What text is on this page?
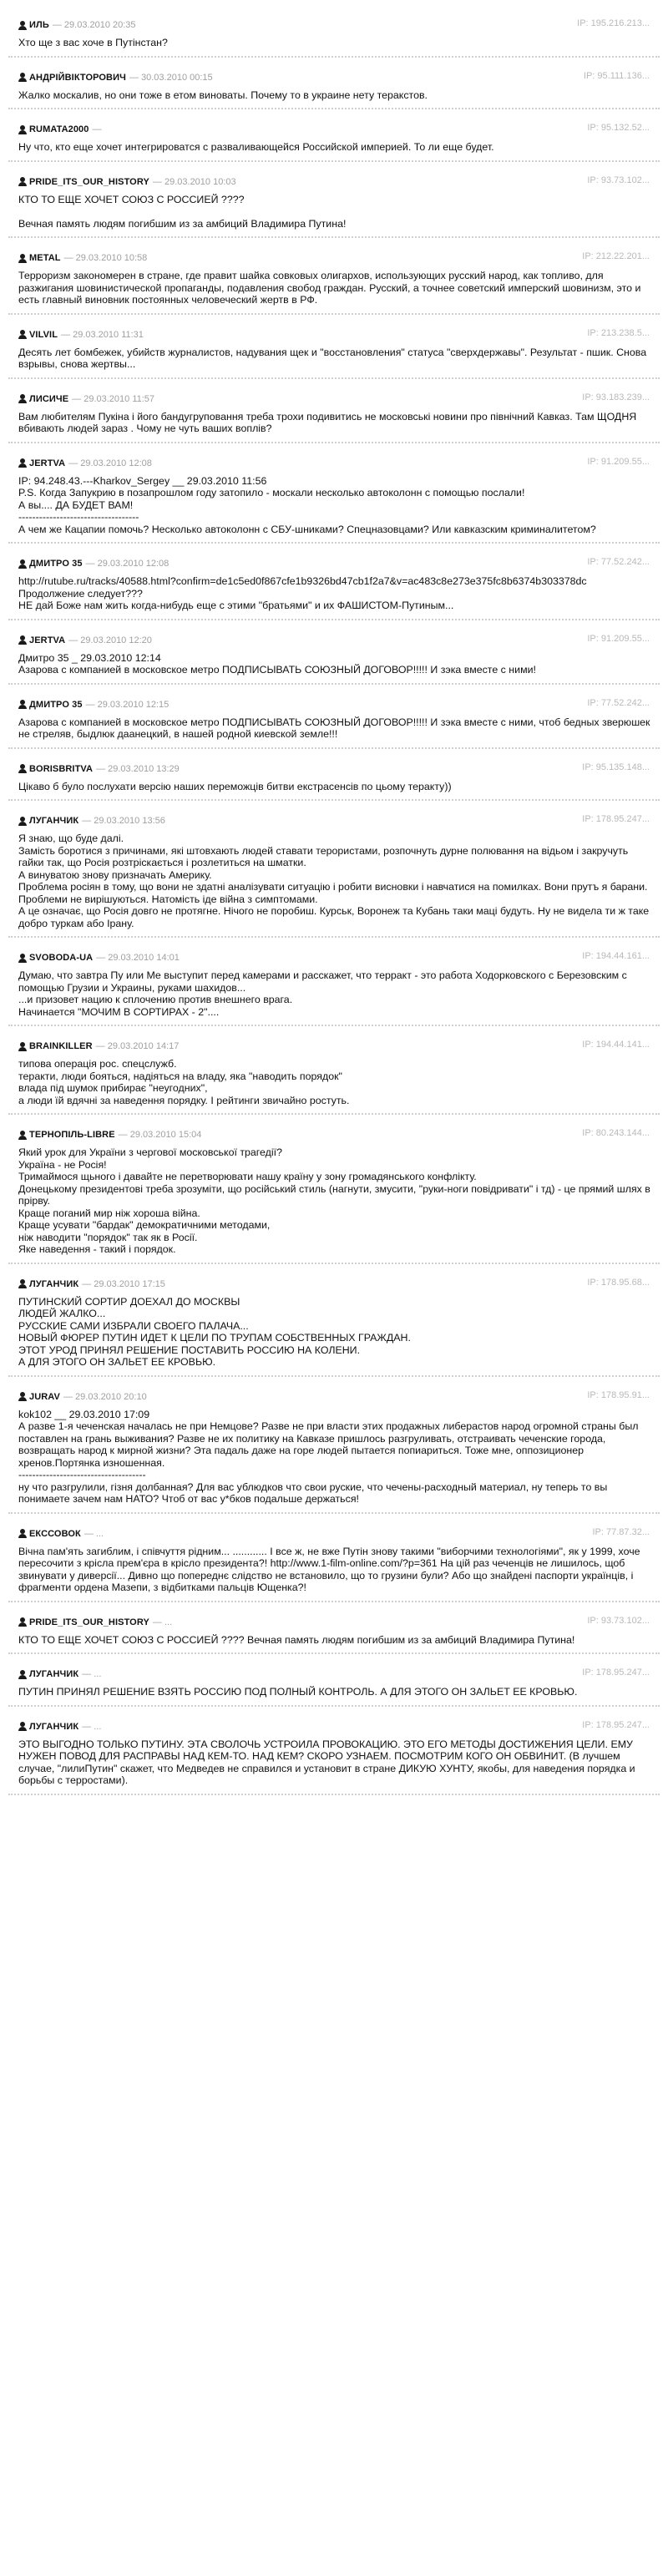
ИЛЬ — 29.03.2010 20:35	IP: 195.216.213...
Хто ще з вас хоче в Путінстан?
АНДРІЙВІКТОРОВИЧ — 30.03.2010 00:15	IP: 95.111.136...
Жалко москалив, но они тоже в етом виноваты. Почему то в украине нету теракстов.
RUMATA2000 —	IP: 95.132.52...
Ну что, кто еще хочет интегрироватся с разваливающейся Российской империей. То ли еще будет.
PRIDE_ITS_OUR_HISTORY — 29.03.2010 10:03	IP: 93.73.102...
КТО ТО ЕЩЕ ХОЧЕТ СОЮЗ С РОССИЕЙ ????

Вечная память людям погибшим из за амбиций Владимира Путина!
METAL — 29.03.2010 10:58	IP: 212.22.201...
Терроризм закономерен в стране, где правит шайка совковых олигархов, использующих русский народ, как топливо, для разжигания шовинистической пропаганды, подавления свобод граждан. Русский, а точнее советский имперский шовинизм, это и есть главный виновник постоянных человеческий жертв в РФ.
VILVIL — 29.03.2010 11:31	IP: 213.238.5...
Десять лет бомбежек, убийств журналистов, надувания щек и "восстановления" статуса "сверхдержавы". Результат - пшик. Снова взрывы, снова жертвы...
ЛИСИЧЕ — 29.03.2010 11:57	IP: 93.183.239...
Вам любителям Пукіна і його бандугруповання треба трохи подивитись не московські новини про північний Кавказ. Там ЩОДНЯ вбивають людей зараз . Чому не чуть ваших воплів?
JERTVA — 29.03.2010 12:08	IP: 91.209.55...
IP: 94.248.43.---Kharkov_Sergey __ 29.03.2010 11:56
P.S. Когда Запукрию в позапрошлом году затопило - москали несколько автоколонн с помощью послали!
А вы.... ДА БУДЕТ ВАМ!
-----------------------------------
А чем же Кацапии помочь? Несколько автоколонн с СБУ-шниками? Спецназовцами? Или кавказским криминалитетом?
ДМИТРО 35 — 29.03.2010 12:08	IP: 77.52.242...
http://rutube.ru/tracks/40588.html?confirm=de1c5ed0f867cfe1b9326bd47cb1f2a7&v=ac483c8e273e375fc8b6374b303378dc
Продолжение следует???
НЕ дай Боже нам жить когда-нибудь еще с этими "братьями" и их ФАШИСТОМ-Путиным...
JERTVA — 29.03.2010 12:20	IP: 91.209.55...
Дмитро 35 _ 29.03.2010 12:14
Азарова с компанией в московское метро ПОДПИСЫВАТЬ СОЮЗНЫЙ ДОГОВОР!!!!! И зэка вместе с ними!
ДМИТРО 35 — 29.03.2010 12:15	IP: 77.52.242...
Азарова с компанией в московское метро ПОДПИСЫВАТЬ СОЮЗНЫЙ ДОГОВОР!!!!! И зэка вместе с ними, чтоб бедных зверюшек не стреляв, быдлюк даанецкий, в нашей родной киевской земле!!!
BORISBRITVA — 29.03.2010 13:29	IP: 95.135.148...
Цікаво б було послухати версію наших переможців битви екстрасенсів по цьому теракту))
ЛУГАНЧИК — 29.03.2010 13:56	IP: 178.95.247...
Я знаю, що буде далі.
Замість боротися з причинами, які штовхають людей ставати терористами, розпочнуть дурне полювання на вiдьом і закручуть гайки так, що Росія розтріскається і розлетиться на шматки.
А винуватою знову призначать Америку.
Проблема росіян в тому, що вони не здатні аналізувати ситуацію і робити висновки і навчатися на помилках. Вони прутъ я барани.
Проблеми не вирішуються. Натомість іде війна з симптомами.
А це означає, що Росія довго не протягне. Нічого не поробиш. Курськ, Воронеж та Кубань таки маці будуть. Ну не видела ти ж таке добро туркам або Ірану.
SVOBODA-UA — 29.03.2010 14:01	IP: 194.44.161...
Думаю, что завтра Пу или Ме выступит перед камерами и расскажет, что терракт - это работа Ходорковского с Березовским с помощью Грузии и Украины, руками шахидов...
...и призовет нацию к сплочению против внешнего врага.
Начинается "МОЧИМ В СОРТИРАХ - 2"....
BRAINKILLER — 29.03.2010 14:17	IP: 194.44.141...
типова операція рос. спецслужб.
теракти, люди бояться, надіяться на владу, яка "наводить порядок"
влада під шумок прибирає "неугодних",
а люди їй вдячні за наведення порядку. І рейтинги звичайно ростуть.
ТЕРНОПІЛЬ-LIBRE — 29.03.2010 15:04	IP: 80.243.144...
Який урок для України з чергової московської трагедії?
Україна - не Росія!
Тримаймося щьного і давайте не перетворювати нашу країну у зону громадянського конфлікту.
Донецькому президентові треба зрозуміти, що російський стиль (нагнути, змусити, "руки-ноги повідривати" і тд) - це прямий шлях в прірву.
Краще поганий мир ніж хороша війна.
Краще усувати "бардак" демократичними методами,
ніж наводити "порядок" так як в Росії.
Яке наведення - такий і порядок.
ЛУГАНЧИК — 29.03.2010 17:15	IP: 178.95.68...
ПУТИНСКИЙ СОРТИР ДОЕХАЛ ДО МОСКВЫ
ЛЮДЕЙ ЖАЛКО...
РУССКИЕ САМИ ИЗБРАЛИ СВОЕГО ПАЛАЧА...
НОВЫЙ ФЮРЕР ПУТИН ИДЕТ К ЦЕЛИ ПО ТРУПАМ СОБСТВЕННЫХ ГРАЖДАН.
ЭТОТ УРОД ПРИНЯЛ РЕШЕНИЕ ПОСТАВИТЬ РОССИЮ НА КОЛЕНИ.
А ДЛЯ ЭТОГО ОН ЗАЛЬЕТ ЕЕ КРОВЬЮ.
JURAV — 29.03.2010 20:10	IP: 178.95.91...
kok102 __ 29.03.2010 17:09
А разве 1-я чеченская началась не при Немцове? Разве не при власти этих продажных либерастов народ огромной страны был поставлен на грань выживания? Разве не их политику на Кавказе пришлось разгруливать, отстраивать чеченские города, возвращать народ к мирной жизни? Эта падаль даже на горе людей пытается попиариться. Тоже мне, оппозиционер хренов.Портянка изношенная.
-------------------------------------
ну что разгрулили, гізня долбанная? Для вас ублюдков что свои руские, что чечены-расходный материал, ну теперь то вы понимаете зачем нам НАТО? Чтоб от вас у*бков подальше держаться!
ЕКССОВОК — ...	IP: 77.87.32...
Вічна пам'ять загиблим, і співчуття рідним... ............ І все ж, не вже Путін знову такими "виборчими технологіями", як у 1999, хоче пересочити з крісла прем'єра в крісло президента?! http://www.1-film-online.com/?p=361 На цій раз чеченців не лишилось, щоб звинувати у диверсії... Дивно що попереднє слідство не встановило, що то грузини були? Або що знайдені паспорти українців, і фрагменти ордена Мазепи, з відбитками пальців Ющенка?!
PRIDE_ITS_OUR_HISTORY — ...	IP: 93.73.102...
КТО ТО ЕЩЕ ХОЧЕТ СОЮЗ С РОССИЕЙ ???? Вечная память людям погибшим из за амбиций Владимира Путина!
ЛУГАНЧИК — ...	IP: 178.95.247...
ПУТИН ПРИНЯЛ РЕШЕНИЕ ВЗЯТЬ РОССИЮ ПОД ПОЛНЫЙ КОНТРОЛЬ. А ДЛЯ ЭТОГО ОН ЗАЛЬЕТ ЕЕ КРОВЬЮ.
ЛУГАНЧИК — ...	IP: 178.95.247...
ЭТО ВЫГОДНО ТОЛЬКО ПУТИНУ. ЭТА СВОЛОЧЬ УСТРОИЛА ПРОВОКАЦИЮ. ЭТО ЕГО МЕТОДЫ ДОСТИЖЕНИЯ ЦЕЛИ. ЕМУ НУЖЕН ПОВОД ДЛЯ РАСПРАВЫ НАД КЕМ-ТО. НАД КЕМ? СКОРО УЗНАЕМ. ПОСМОТРИМ КОГО ОН ОБВИНИТ. (В лучшем случае, "лилиПутин" скажет, что Медведев не справился и установит в стране ДИКУЮ ХУНТУ, якобы, для наведения порядка и борьбы с терростами).
